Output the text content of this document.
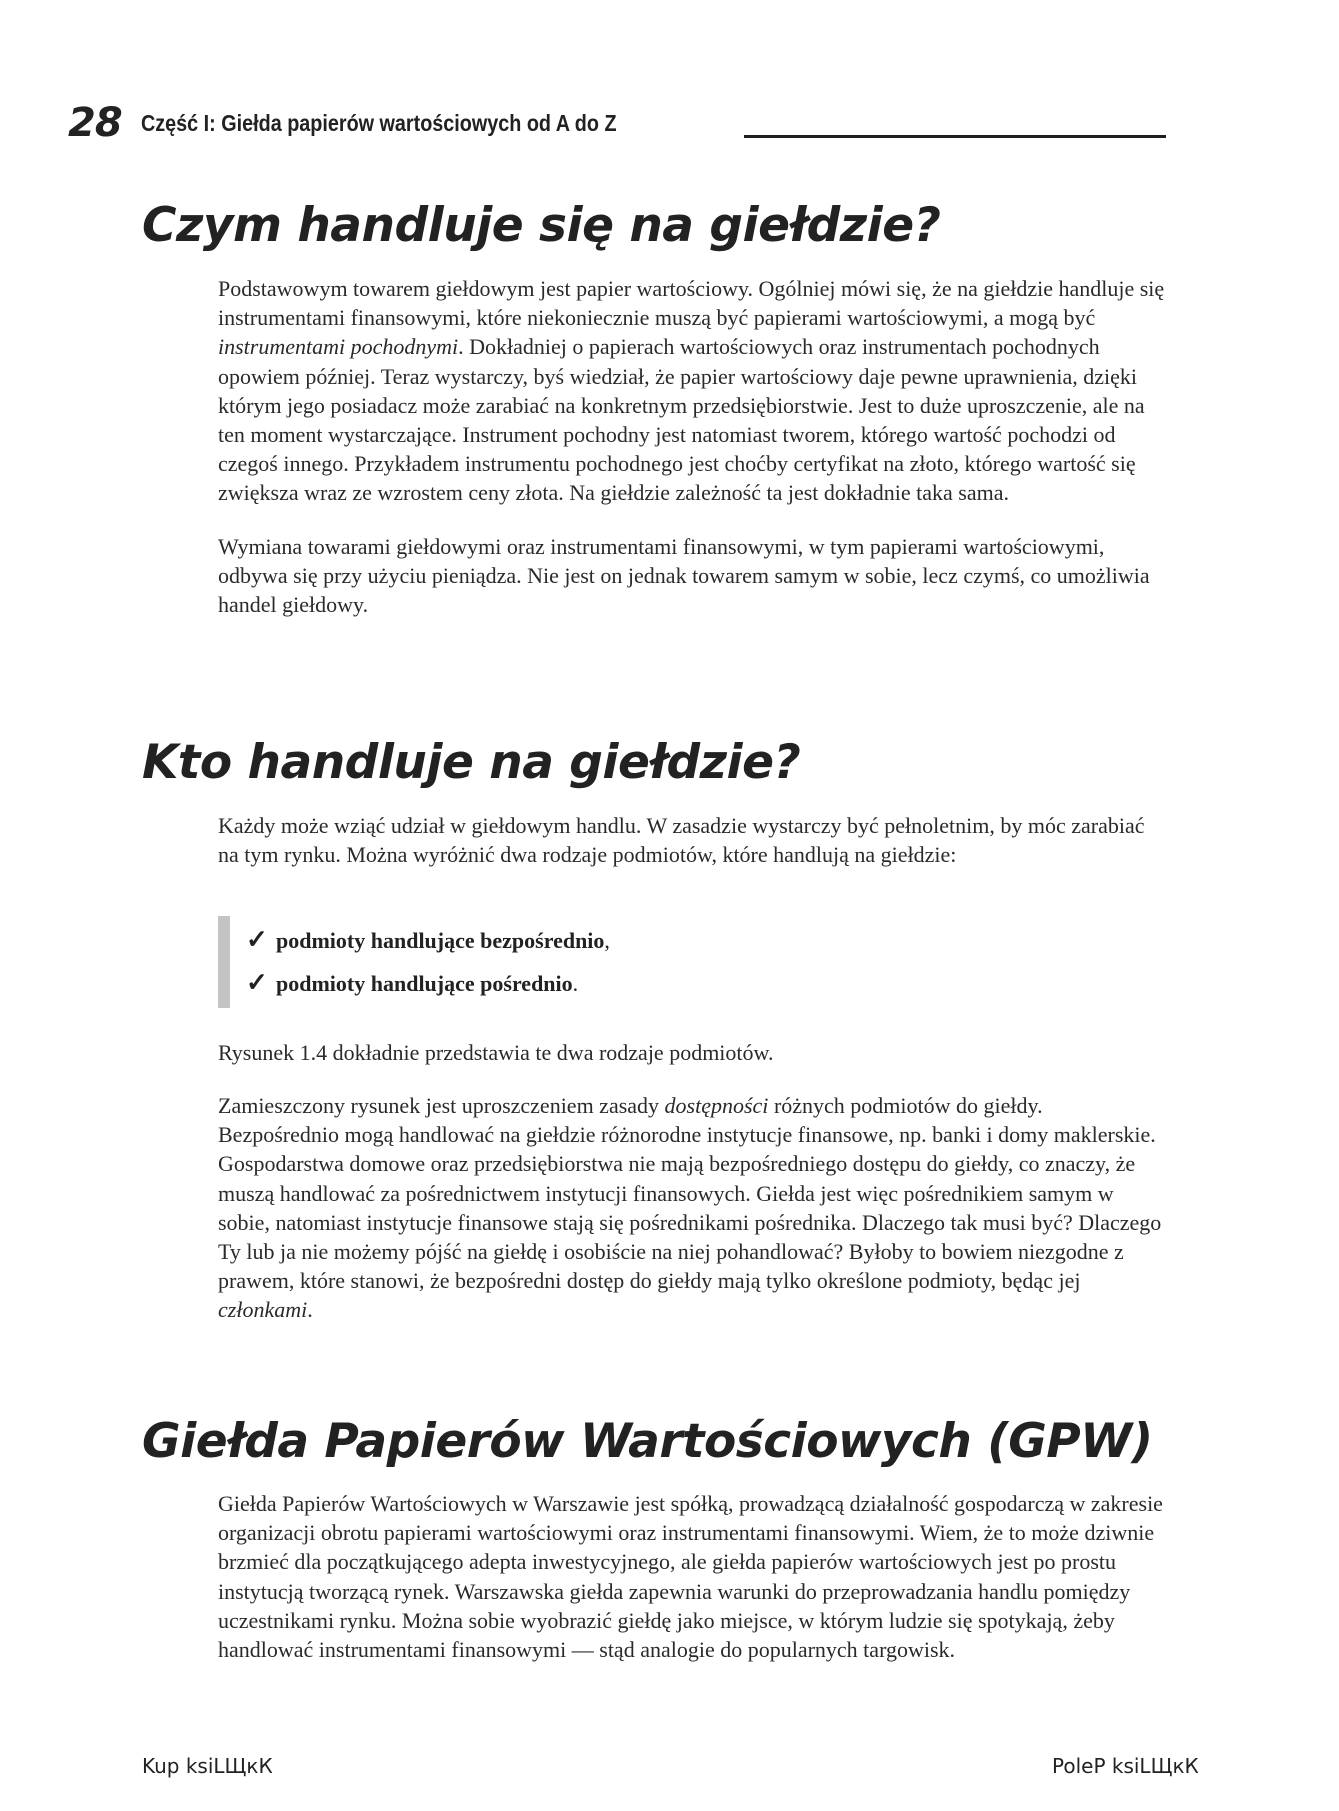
28 Część I: Giełda papierów wartościowych od A do Z
Czym handluje się na giełdzie?

Podstawowym towarem giełdowym jest papier wartościowy. Ogólniej mówi się, że na giełdzie handluje się instrumentami finansowymi, które niekoniecznie muszą być papierami wartościowymi, a mogą być instrumentami pochodnymi. Dokładniej o papierach wartościowych oraz instrumentach pochodnych opowiem później. Teraz wystarczy, byś wiedział, że papier wartościowy daje pewne uprawnienia, dzięki którym jego posiadacz może zarabiać na konkretnym przedsiębiorstwie. Jest to duże uproszczenie, ale na ten moment wystarczające. Instrument pochodny jest natomiast tworem, którego wartość pochodzi od czegoś innego. Przykładem instrumentu pochodnego jest choćby certyfikat na złoto, którego wartość się zwiększa wraz ze wzrostem ceny złota. Na giełdzie zależność ta jest dokładnie taka sama.

Wymiana towarami giełdowymi oraz instrumentami finansowymi, w tym papierami wartościowymi, odbywa się przy użyciu pieniądza. Nie jest on jednak towarem samym w sobie, lecz czymś, co umożliwia handel giełdowy.

Kto handluje na giełdzie?
Każdy może wziąć udział w giełdowym handlu. W zasadzie wystarczy być pełnoletnim, by móc zarabiać na tym rynku. Można wyróżnić dwa rodzaje podmiotów, które handlują na giełdzie:
✓ podmioty handlujące bezpośrednio,
✓ podmioty handlujące pośrednio.
Rysunek 1.4 dokładnie przedstawia te dwa rodzaje podmiotów.

Zamieszczony rysunek jest uproszczeniem zasady dostępności różnych podmiotów do giełdy. Bezpośrednio mogą handlować na giełdzie różnorodne instytucje finansowe, np. banki i domy maklerskie. Gospodarstwa domowe oraz przedsiębiorstwa nie mają bezpośredniego dostępu do giełdy, co znaczy, że muszą handlować za pośrednictwem instytucji finansowych. Giełda jest więc pośrednikiem samym w sobie, natomiast instytucje finansowe stają się pośrednikami pośrednika. Dlaczego tak musi być? Dlaczego Ty lub ja nie możemy pójść na giełdę i osobiście na niej pohandlować? Byłoby to bowiem niezgodne z prawem, które stanowi, że bezpośredni dostęp do giełdy mają tylko określone podmioty, będąc jej członkami.

Giełda Papierów Wartościowych (GPW)
Giełda Papierów Wartościowych w Warszawie jest spółką, prowadzącą działalność gospodarczą w zakresie organizacji obrotu papierami wartościowymi oraz instrumentami finansowymi. Wiem, że to może dziwnie brzmieć dla początkującego adepta inwestycyjnego, ale giełda papierów wartościowych jest po prostu instytucją tworzącą rynek. Warszawska giełda zapewnia warunki do przeprowadzania handlu pomiędzy uczestnikami rynku. Można sobie wyobrazić giełdę jako miejsce, w którym ludzie się spotykają, żeby handlować instrumentami finansowymi — stąd analogie do popularnych targowisk.
Kup ksiLЩкК	PoleP ksiLЩкК
